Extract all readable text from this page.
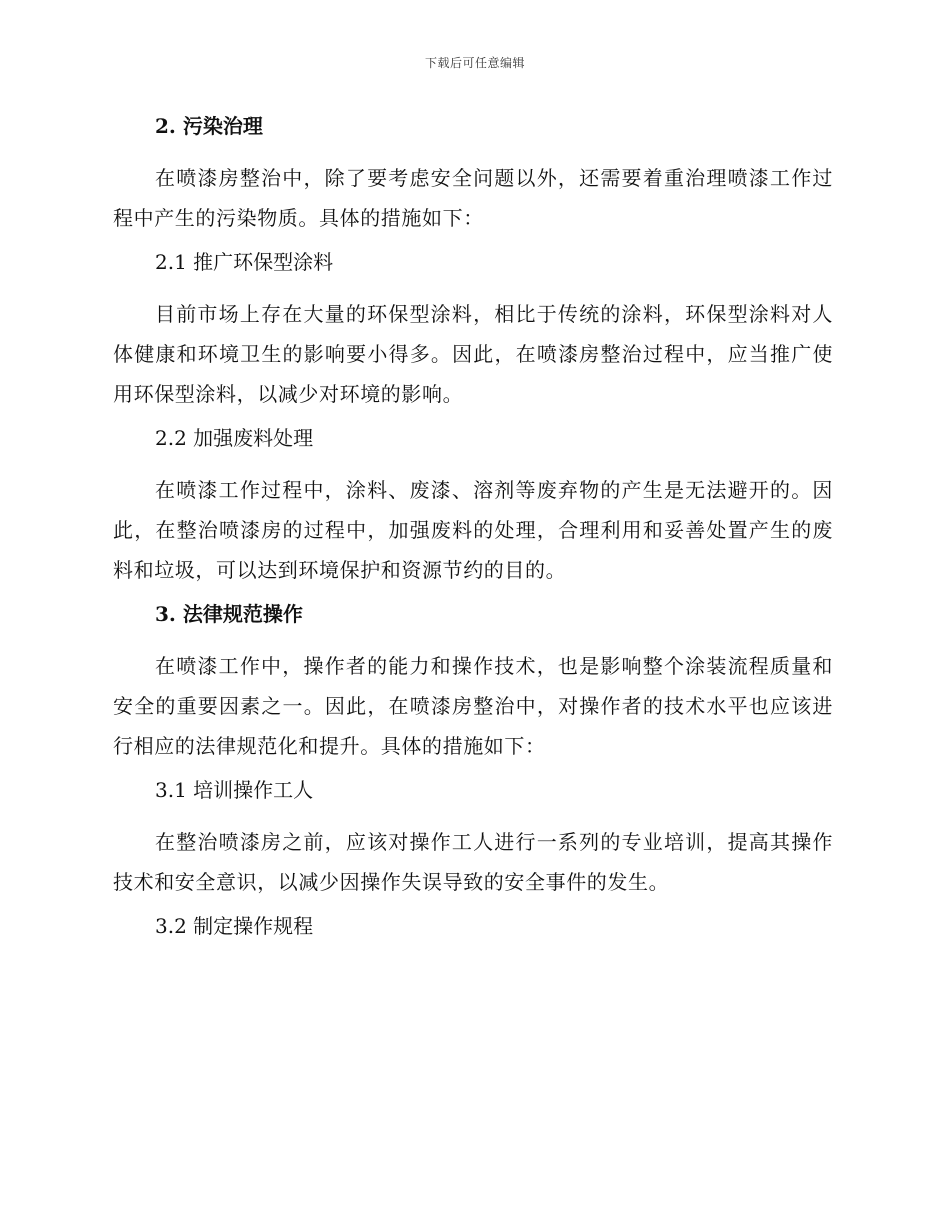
下载后可任意编辑
2. 污染治理

在喷漆房整治中，除了要考虑安全问题以外，还需要着重治理喷漆工作过程中产生的污染物质。具体的措施如下：

2.1 推广环保型涂料

目前市场上存在大量的环保型涂料，相比于传统的涂料，环保型涂料对人体健康和环境卫生的影响要小得多。因此，在喷漆房整治过程中，应当推广使用环保型涂料，以减少对环境的影响。

2.2 加强废料处理

在喷漆工作过程中，涂料、废漆、溶剂等废弃物的产生是无法避开的。因此，在整治喷漆房的过程中，加强废料的处理，合理利用和妥善处置产生的废料和垃圾，可以达到环境保护和资源节约的目的。

3. 法律规范操作

在喷漆工作中，操作者的能力和操作技术，也是影响整个涂装流程质量和安全的重要因素之一。因此，在喷漆房整治中，对操作者的技术水平也应该进行相应的法律规范化和提升。具体的措施如下：

3.1 培训操作工人

在整治喷漆房之前，应该对操作工人进行一系列的专业培训，提高其操作技术和安全意识，以减少因操作失误导致的安全事件的发生。

3.2 制定操作规程
